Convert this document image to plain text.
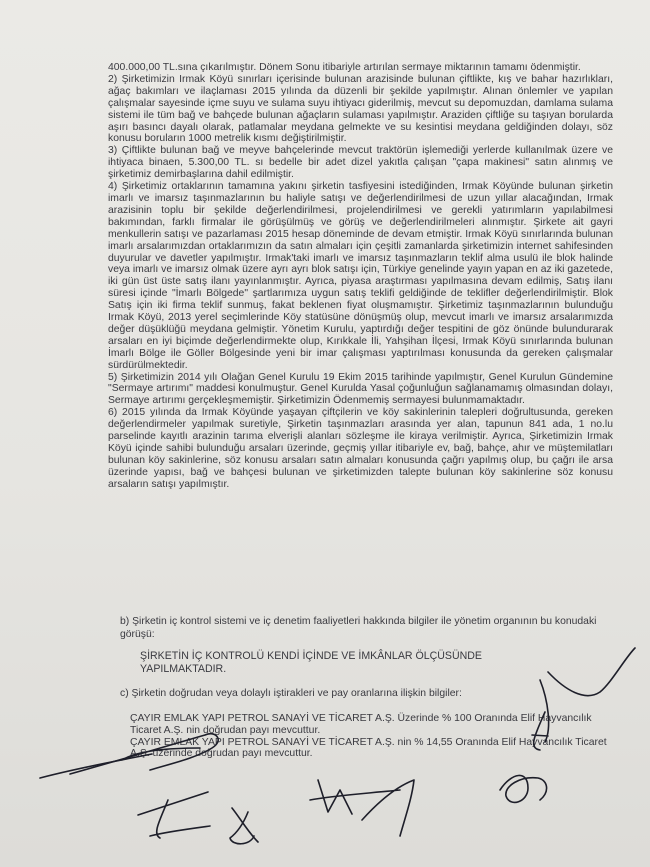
400.000,00 TL.sına çıkarılmıştır. Dönem Sonu itibariyle artırılan sermaye miktarının tamamı ödenmiştir.

2) Şirketimizin Irmak Köyü sınırları içerisinde bulunan arazisinde bulunan çiftlikte, kış ve bahar hazırlıkları, ağaç bakımları ve ilaçlaması 2015 yılında da düzenli bir şekilde yapılmıştır. Alınan önlemler ve yapılan çalışmalar sayesinde içme suyu ve sulama suyu ihtiyacı giderilmiş, mevcut su depomuzdan, damlama sulama sistemi ile tüm bağ ve bahçede bulunan ağaçların sulaması yapılmıştır. Araziden çiftliğe su taşıyan borularda aşırı basıncı dayalı olarak, patlamalar meydana gelmekte ve su kesintisi meydana geldiğinden dolayı, söz konusu boruların 1000 metrelik kısmı değiştirilmiştir.

3) Çiftlikte bulunan bağ ve meyve bahçelerinde mevcut traktörün işlemediği yerlerde kullanılmak üzere ve ihtiyaca binaen, 5.300,00 TL. sı bedelle bir adet dizel yakıtla çalışan "çapa makinesi" satın alınmış ve şirketimiz demirbaşlarına dahil edilmiştir.

4) Şirketimiz ortaklarının tamamına yakını şirketin tasfiyesini istediğinden, Irmak Köyünde bulunan şirketin imarlı ve imarsız taşınmazlarının bu haliyle satışı ve değerlendirilmesi de uzun yıllar alacağından, Irmak arazisinin toplu bir şekilde değerlendirilmesi, projelendirilmesi ve gerekli yatırımların yapılabilmesi bakımından, farklı firmalar ile görüşülmüş ve görüş ve değerlendirilmeleri alınmıştır. Şirkete ait gayri menkullerin satışı ve pazarlaması 2015 hesap döneminde de devam etmiştir. Irmak Köyü sınırlarında bulunan imarlı arsalarımızdan ortaklarımızın da satın almaları için çeşitli zamanlarda şirketimizin internet sahifesinden duyurular ve davetler yapılmıştır. Irmak'taki imarlı ve imarsız taşınmazların teklif alma usulü ile blok halinde veya imarlı ve imarsız olmak üzere ayrı ayrı blok satışı için, Türkiye genelinde yayın yapan en az iki gazetede, iki gün üst üste satış ilanı yayınlanmıştır. Ayrıca, piyasa araştırması yapılmasına devam edilmiş, Satış ilanı süresi içinde "İmarlı Bölgede" şartlarımıza uygun satış teklifi geldiğinde de teklifler değerlendirilmiştir. Blok Satış için iki firma teklif sunmuş, fakat beklenen fiyat oluşmamıştır. Şirketimiz taşınmazlarının bulunduğu Irmak Köyü, 2013 yerel seçimlerinde Köy statüsüne dönüşmüş olup, mevcut imarlı ve imarsız arsalarımızda değer düşüklüğü meydana gelmiştir. Yönetim Kurulu, yaptırdığı değer tespitini de göz önünde bulundurarak arsaları en iyi biçimde değerlendirmekte olup, Kırıkkale İli, Yahşihan İlçesi, Irmak Köyü sınırlarında bulunan İmarlı Bölge ile Göller Bölgesinde yeni bir imar çalışması yaptırılması konusunda da gereken çalışmalar sürdürülmektedir.

5) Şirketimizin 2014 yılı Olağan Genel Kurulu 19 Ekim 2015 tarihinde yapılmıştır, Genel Kurulun Gündemine "Sermaye artırımı" maddesi konulmuştur. Genel Kurulda Yasal çoğunluğun sağlanamamış olmasından dolayı, Sermaye artırımı gerçekleşmemiştir. Şirketimizin Ödenmemiş sermayesi bulunmamaktadır.

6) 2015 yılında da Irmak Köyünde yaşayan çiftçilerin ve köy sakinlerinin talepleri doğrultusunda, gereken değerlendirmeler yapılmak suretiyle, Şirketin taşınmazları arasında yer alan, tapunun 841 ada, 1 no.lu parselinde kayıtlı arazinin tarıma elverişli alanları sözleşme ile kiraya verilmiştir. Ayrıca, Şirketimizin Irmak Köyü içinde sahibi bulunduğu arsaları üzerinde, geçmiş yıllar itibariyle ev, bağ, bahçe, ahır ve müştemilatları bulunan köy sakinlerine, söz konusu arsaları satın almaları konusunda çağrı yapılmış olup, bu çağrı ile arsa üzerinde yapısı, bağ ve bahçesi bulunan ve şirketimizden talepte bulunan köy sakinlerine söz konusu arsaların satışı yapılmıştır.

b) Şirketin iç kontrol sistemi ve iç denetim faaliyetleri hakkında bilgiler ile yönetim organının bu konudaki görüşü:
ŞİRKETİN İÇ KONTROLÜ KENDİ İÇİNDE VE İMKÂNLAR ÖLÇÜSÜNDE YAPILMAKTADIR.
c) Şirketin doğrudan veya dolaylı iştirakleri ve pay oranlarına ilişkin bilgiler:

ÇAYIR EMLAK YAPI PETROL SANAYİ VE TİCARET A.Ş. Üzerinde % 100 Oranında Elif Hayvancılık Ticaret A.Ş. nin doğrudan payı mevcuttur.

ÇAYIR EMLAK YAPI PETROL SANAYİ VE TİCARET A.Ş. nin % 14,55 Oranında Elif Hayvancılık Ticaret A.Ş. üzerinde doğrudan payı mevcuttur.
